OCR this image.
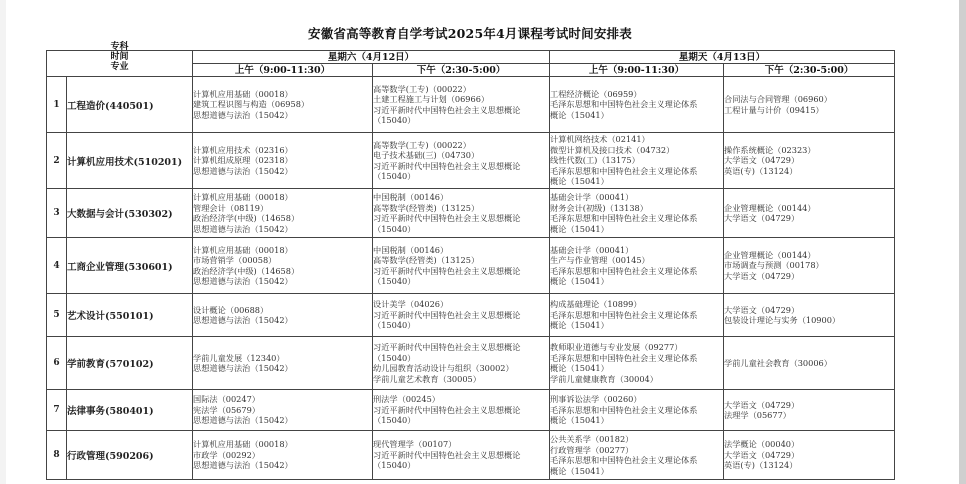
安徽省高等教育自学考试2025年4月课程考试时间安排表
专科
时间
专业		星期六（4月12日）		星期天（4月13日）	
		上午（9:00-11:30）	下午（2:30-5:00）	上午（9:00-11:30）	下午（2:30-5:00）
1	工程造价(440501)	计算机应用基础（00018）
建筑工程识图与构造（06958）
思想道德与法治（15042）	高等数学(工专)（00022）
土建工程施工与计划（06966）
习近平新时代中国特色社会主义思想概论
（15040）	工程经济概论（06959）
毛泽东思想和中国特色社会主义理论体系
概论（15041）	合同法与合同管理（06960）
工程计量与计价（09415）

2	计算机应用技术(510201)	计算机应用技术（02316）
计算机组成原理（02318）
思想道德与法治（15042）	高等数学(工专)（00022）
电子技术基础(三)（04730）
习近平新时代中国特色社会主义思想概论
（15040）	计算机网络技术（02141）
微型计算机及接口技术（04732）
线性代数(工)（13175）
毛泽东思想和中国特色社会主义理论体系
概论（15041）	操作系统概论（02323）
大学语文（04729）
英语(专)（13124）

3	大数据与会计(530302)	计算机应用基础（00018）
管理会计（08119）
政治经济学(中级)（14658）
思想道德与法治（15042）	中国税制（00146）
高等数学(经管类)（13125）
习近平新时代中国特色社会主义思想概论
（15040）	基础会计学（00041）
财务会计(初级)（13138）
毛泽东思想和中国特色社会主义理论体系
概论（15041）	企业管理概论（00144）
大学语文（04729）

4	工商企业管理(530601)	计算机应用基础（00018）
市场营销学（00058）
政治经济学(中级)（14658）
思想道德与法治（15042）	中国税制（00146）
高等数学(经管类)（13125）
习近平新时代中国特色社会主义思想概论
（15040）	基础会计学（00041）
生产与作业管理（00145）
毛泽东思想和中国特色社会主义理论体系
概论（15041）	企业管理概论（00144）
市场调查与预测（00178）
大学语文（04729）

5	艺术设计(550101)	设计概论（00688）
思想道德与法治（15042）	设计美学（04026）
习近平新时代中国特色社会主义思想概论
（15040）	构成基础理论（10899）
毛泽东思想和中国特色社会主义理论体系
概论（15041）	大学语文（04729）
包装设计理论与实务（10900）

6	学前教育(570102)	学前儿童发展（12340）
思想道德与法治（15042）	习近平新时代中国特色社会主义思想概论
（15040）
幼儿园教育活动设计与组织（30002）
学前儿童艺术教育（30005）	教师职业道德与专业发展（09277）
毛泽东思想和中国特色社会主义理论体系
概论（15041）
学前儿童健康教育（30004）	学前儿童社会教育（30006）

7	法律事务(580401)	国际法（00247）
宪法学（05679）
思想道德与法治（15042）	刑法学（00245）
习近平新时代中国特色社会主义思想概论
（15040）	刑事诉讼法学（00260）
毛泽东思想和中国特色社会主义理论体系
概论（15041）	大学语文（04729）
法理学（05677）

8	行政管理(590206)	计算机应用基础（00018）
市政学（00292）
思想道德与法治（15042）	现代管理学（00107）
习近平新时代中国特色社会主义思想概论
（15040）	公共关系学（00182）
行政管理学（00277）
毛泽东思想和中国特色社会主义理论体系
概论（15041）	法学概论（00040）
大学语文（04729）
英语(专)（13124）
